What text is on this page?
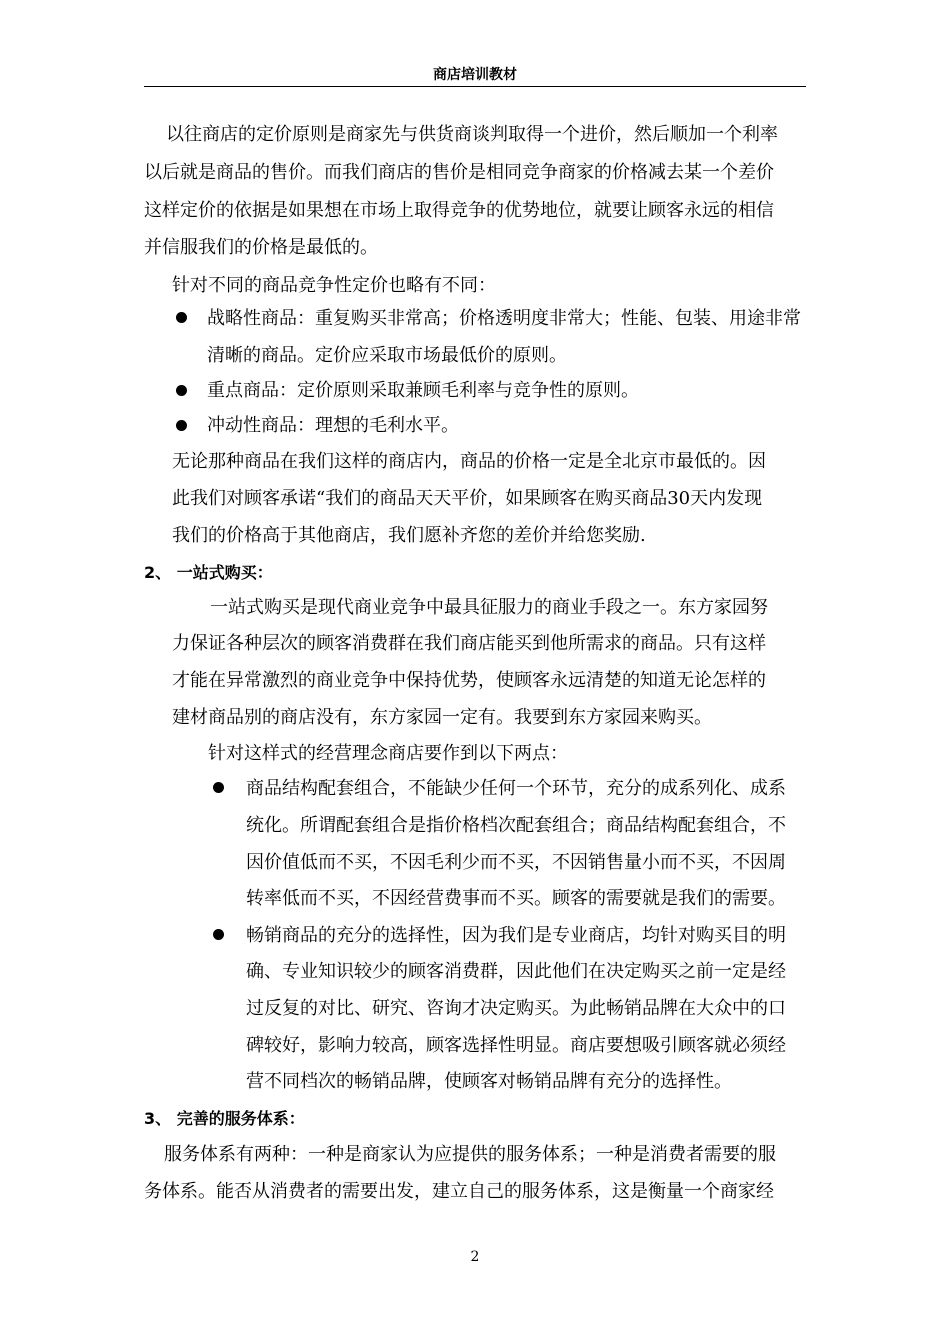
商店培训教材
以往商店的定价原则是商家先与供货商谈判取得一个进价，然后顺加一个利率
以后就是商品的售价。而我们商店的售价是相同竞争商家的价格减去某一个差价
这样定价的依据是如果想在市场上取得竞争的优势地位，就要让顾客永远的相信
并信服我们的价格是最低的。
针对不同的商品竞争性定价也略有不同：
战略性商品：重复购买非常高；价格透明度非常大；性能、包装、用途非常
清晰的商品。定价应采取市场最低价的原则。
重点商品：定价原则采取兼顾毛利率与竞争性的原则。
冲动性商品：理想的毛利水平。
无论那种商品在我们这样的商店内，商品的价格一定是全北京市最低的。因
此我们对顾客承诺“我们的商品天天平价，如果顾客在购买商品30天内发现
我们的价格高于其他商店，我们愿补齐您的差价并给您奖励.
2、 一站式购买：
一站式购买是现代商业竞争中最具征服力的商业手段之一。东方家园努
力保证各种层次的顾客消费群在我们商店能买到他所需求的商品。只有这样
才能在异常激烈的商业竞争中保持优势，使顾客永远清楚的知道无论怎样的
建材商品别的商店没有，东方家园一定有。我要到东方家园来购买。
针对这样式的经营理念商店要作到以下两点：
商品结构配套组合，不能缺少任何一个环节，充分的成系列化、成系
统化。所谓配套组合是指价格档次配套组合；商品结构配套组合，不
因价值低而不买，不因毛利少而不买，不因销售量小而不买，不因周
转率低而不买，不因经营费事而不买。顾客的需要就是我们的需要。
畅销商品的充分的选择性，因为我们是专业商店，均针对购买目的明
确、专业知识较少的顾客消费群，因此他们在决定购买之前一定是经
过反复的对比、研究、咨询才决定购买。为此畅销品牌在大众中的口
碑较好，影响力较高，顾客选择性明显。商店要想吸引顾客就必须经
营不同档次的畅销品牌，使顾客对畅销品牌有充分的选择性。
3、 完善的服务体系：
服务体系有两种：一种是商家认为应提供的服务体系；一种是消费者需要的服
务体系。能否从消费者的需要出发，建立自己的服务体系，这是衡量一个商家经
2
